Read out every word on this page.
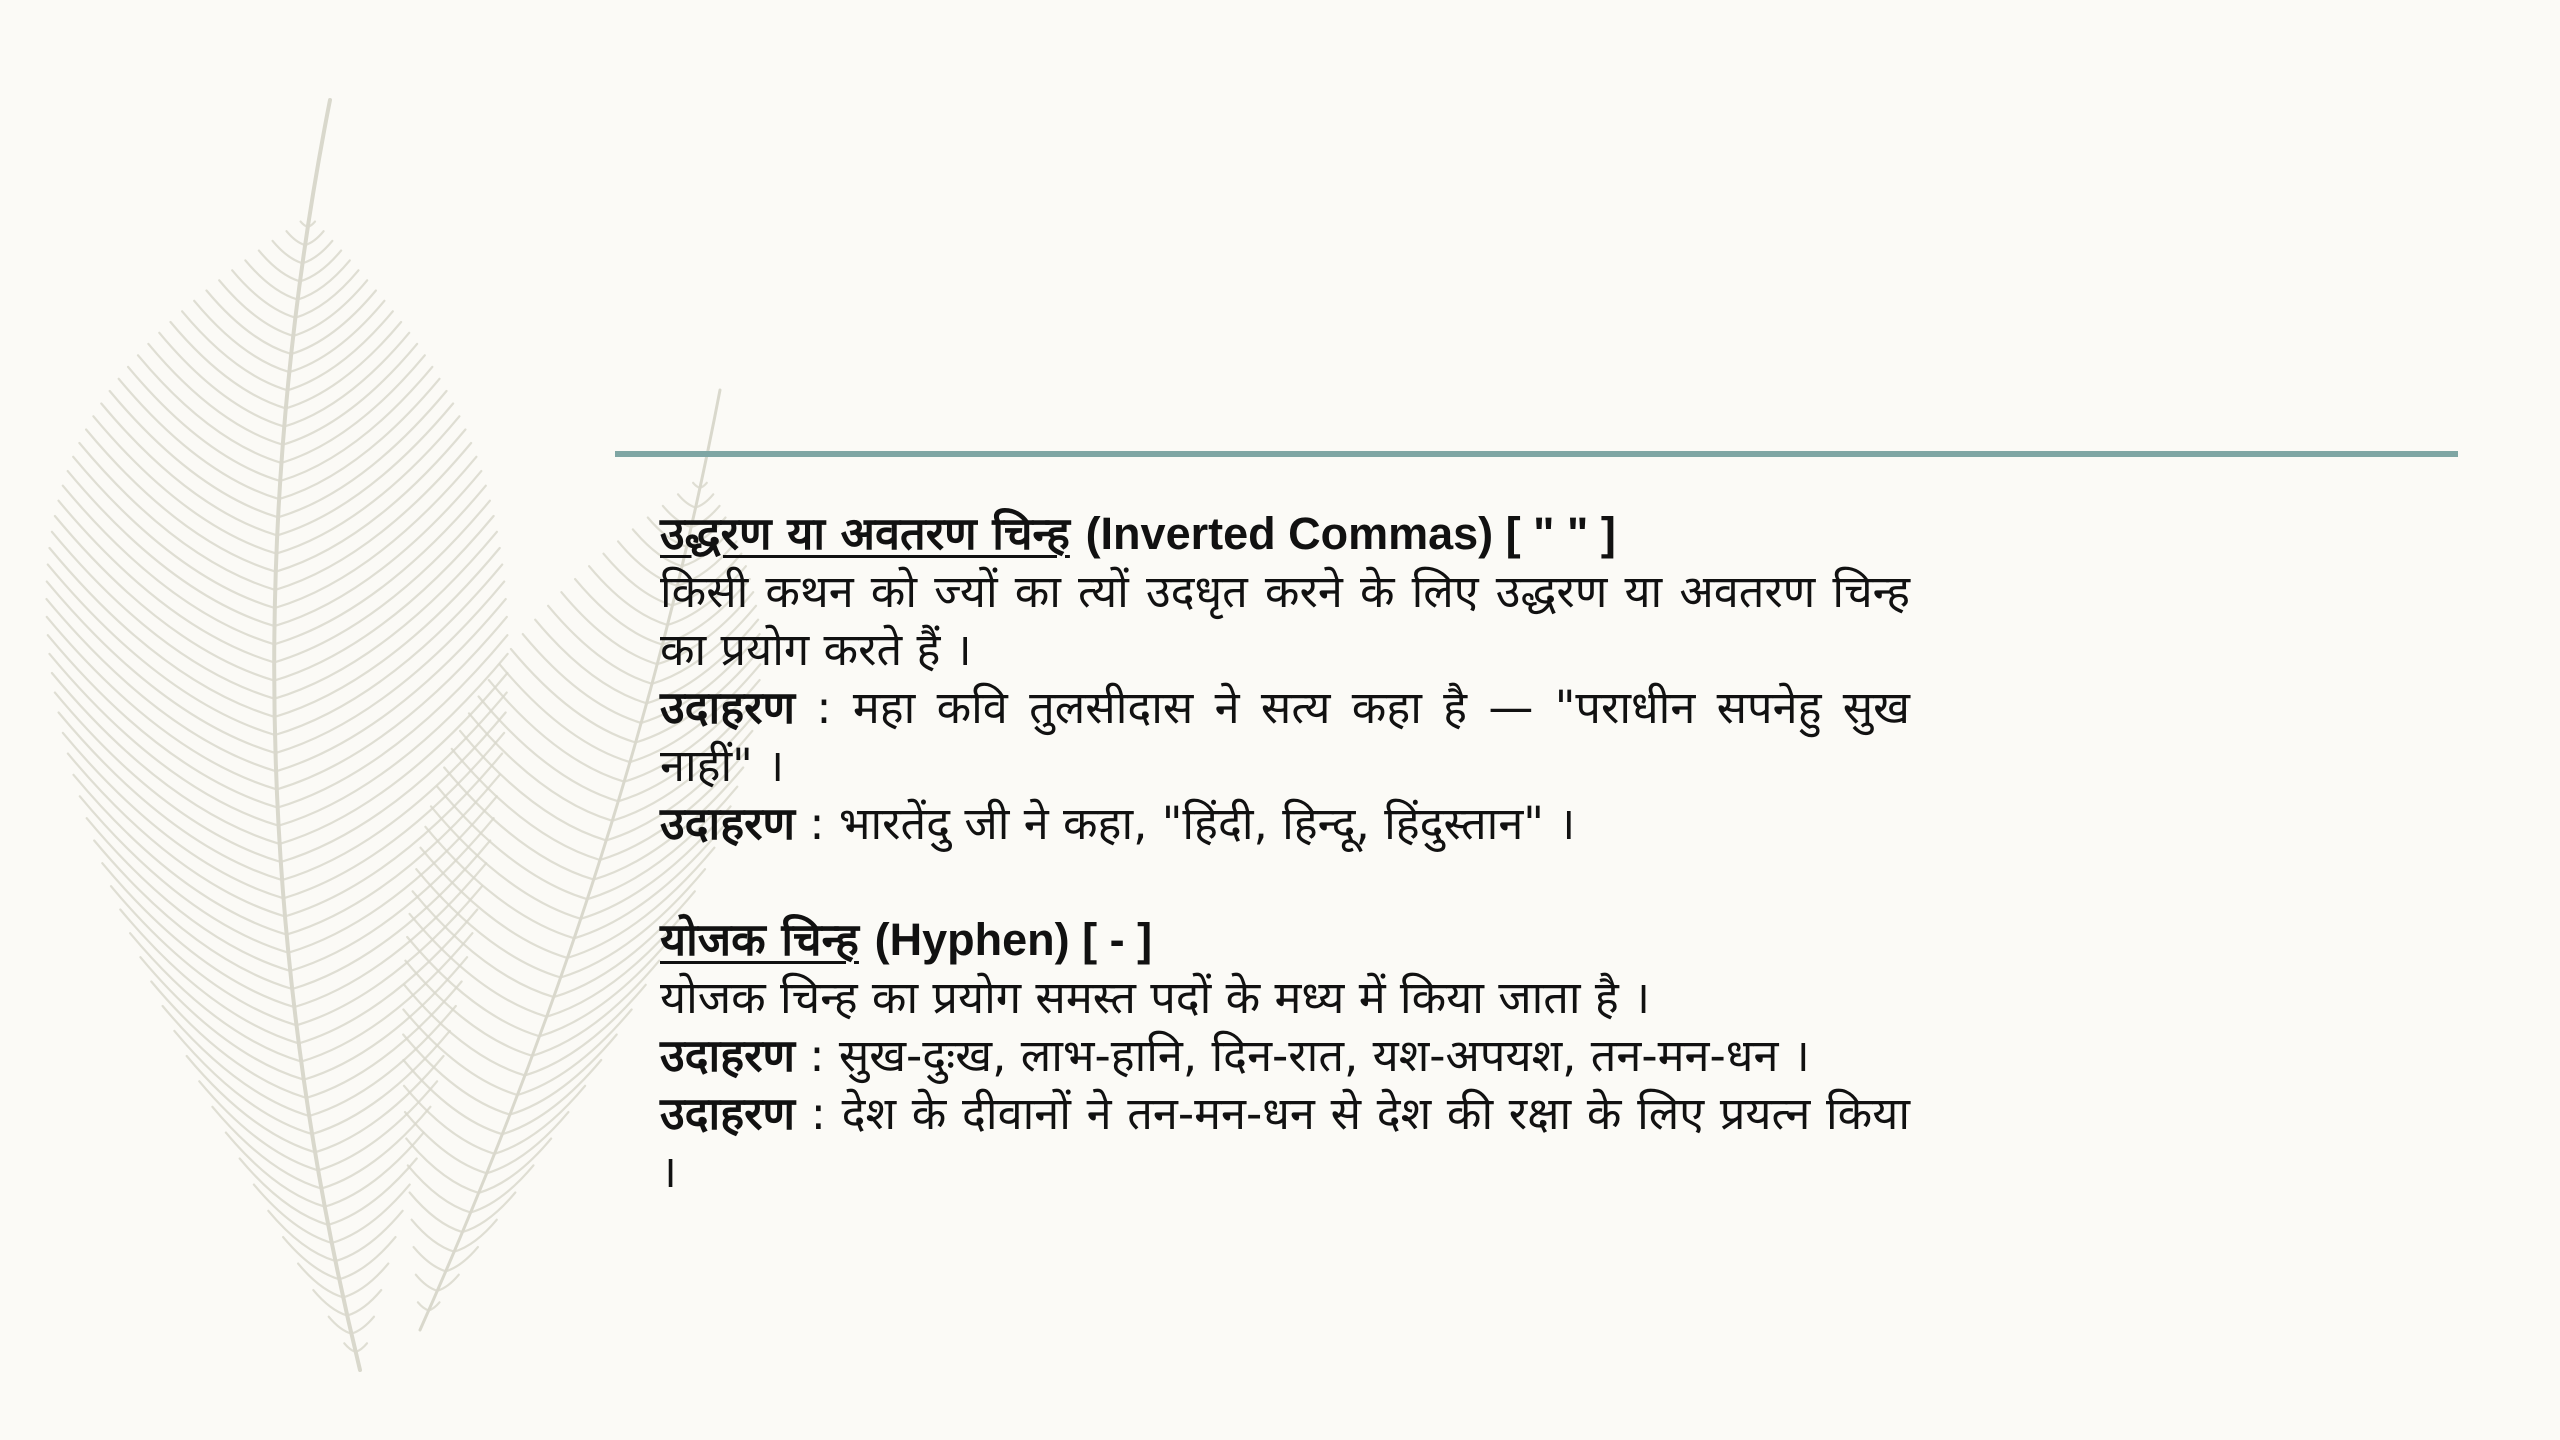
उद्धरण या अवतरण चिन्ह (Inverted Commas) [ " " ]

किसी कथन को ज्यों का त्यों उदधृत करने के लिए उद्धरण या अवतरण चिन्ह का प्रयोग करते हैं ।

उदाहरण : महा कवि तुलसीदास ने सत्य कहा है — "पराधीन सपनेहु सुख नाहीं" ।

उदाहरण : भारतेंदु जी ने कहा, "हिंदी, हिन्दू, हिंदुस्तान" ।

योजक चिन्ह (Hyphen) [ - ]

योजक चिन्ह का प्रयोग समस्त पदों के मध्य में किया जाता है ।

उदाहरण : सुख-दुःख, लाभ-हानि, दिन-रात, यश-अपयश, तन-मन-धन ।

उदाहरण : देश के दीवानों ने तन-मन-धन से देश की रक्षा के लिए प्रयत्न किया ।
